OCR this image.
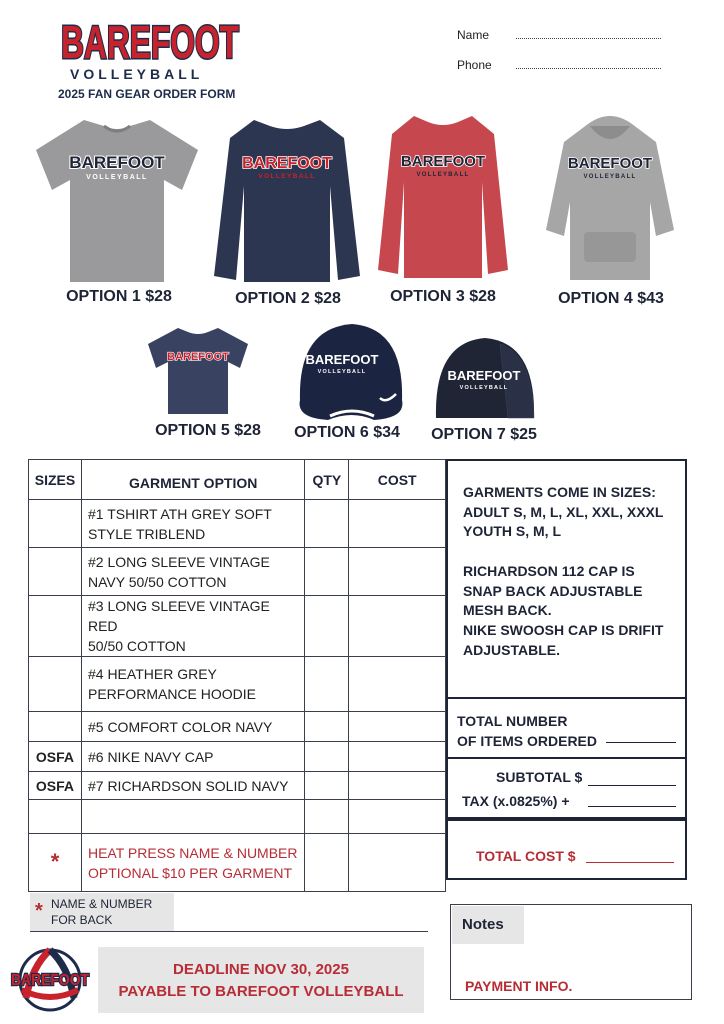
BAREFOOT
VOLLEYBALL
2025 FAN GEAR ORDER FORM
Name
Phone
BAREFOOT
VOLLEYBALL
OPTION 1 $28
BAREFOOT
VOLLEYBALL
OPTION 2 $28
BAREFOOT
VOLLEYBALL
OPTION 3 $28
BAREFOOT
VOLLEYBALL
OPTION 4 $43
BAREFOOT
OPTION 5 $28
BAREFOOT
VOLLEYBALL
OPTION 6 $34
BAREFOOT
VOLLEYBALL
OPTION 7 $25
SIZES	GARMENT OPTION	QTY	COST

	#1 TSHIRT ATH GREY SOFT
STYLE TRIBLEND		

	#2 LONG SLEEVE VINTAGE
NAVY 50/50 COTTON		

	#3 LONG SLEEVE VINTAGE RED
50/50 COTTON		

	#4 HEATHER GREY
PERFORMANCE HOODIE		

	#5 COMFORT COLOR NAVY		
OSFA	#6 NIKE NAVY CAP		
OSFA	#7 RICHARDSON SOLID NAVY		

*	HEAT PRESS NAME & NUMBER
OPTIONAL $10 PER GARMENT		

GARMENTS COME IN SIZES:
ADULT S, M, L, XL, XXL, XXXL
YOUTH S, M, L
RICHARDSON 112 CAP IS
SNAP BACK ADJUSTABLE
MESH BACK.
NIKE SWOOSH CAP IS DRIFIT
ADJUSTABLE.
TOTAL NUMBER
OF ITEMS ORDERED
SUBTOTAL $
TAX (x.0825%) +
TOTAL COST $
* NAME & NUMBER
FOR BACK
BAREFOOT
DEADLINE NOV 30, 2025
PAYABLE TO BAREFOOT VOLLEYBALL
Notes
PAYMENT INFO.
